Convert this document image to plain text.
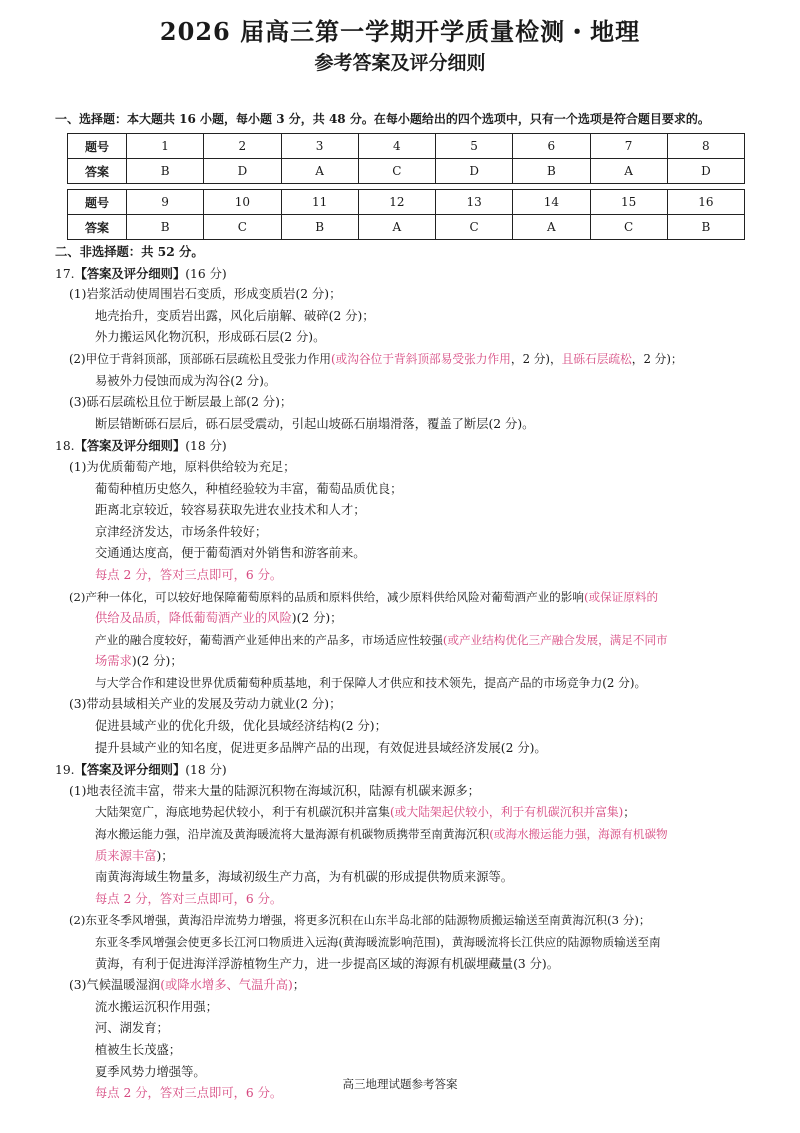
2026 届高三第一学期开学质量检测・地理
参考答案及评分细则
一、选择题：本大题共 16 小题，每小题 3 分，共 48 分。在每小题给出的四个选项中，只有一个选项是符合题目要求的。
题号	1	2	3	4	5	6	7	8
答案	B	D	A	C	D	B	A	D
题号	9	10	11	12	13	14	15	16
答案	B	C	B	A	C	A	C	B
二、非选择题：共 52 分。
17.【答案及评分细则】(16 分)
(1)岩浆活动使周围岩石变质，形成变质岩(2 分)；
地壳抬升，变质岩出露，风化后崩解、破碎(2 分)；
外力搬运风化物沉积，形成砾石层(2 分)。
(2)甲位于背斜顶部，顶部砾石层疏松且受张力作用(或沟谷位于背斜顶部易受张力作用，2 分)，且砾石层疏松，2 分)；
易被外力侵蚀而成为沟谷(2 分)。
(3)砾石层疏松且位于断层最上部(2 分)；
断层错断砾石层后，砾石层受震动，引起山坡砾石崩塌滑落，覆盖了断层(2 分)。
18.【答案及评分细则】(18 分)
(1)为优质葡萄产地，原料供给较为充足；
葡萄种植历史悠久，种植经验较为丰富，葡萄品质优良；
距离北京较近，较容易获取先进农业技术和人才；
京津经济发达，市场条件较好；
交通通达度高，便于葡萄酒对外销售和游客前来。
每点 2 分，答对三点即可，6 分。
(2)产种一体化，可以较好地保障葡萄原料的品质和原料供给，减少原料供给风险对葡萄酒产业的影响(或保证原料的
供给及品质，降低葡萄酒产业的风险)(2 分)；
产业的融合度较好，葡萄酒产业延伸出来的产品多，市场适应性较强(或产业结构优化三产融合发展，满足不同市
场需求)(2 分)；
与大学合作和建设世界优质葡萄种质基地，利于保障人才供应和技术领先，提高产品的市场竞争力(2 分)。
(3)带动县域相关产业的发展及劳动力就业(2 分)；
促进县域产业的优化升级，优化县域经济结构(2 分)；
提升县域产业的知名度，促进更多品牌产品的出现，有效促进县域经济发展(2 分)。
19.【答案及评分细则】(18 分)
(1)地表径流丰富，带来大量的陆源沉积物在海域沉积，陆源有机碳来源多；
大陆架宽广，海底地势起伏较小，利于有机碳沉积并富集(或大陆架起伏较小，利于有机碳沉积并富集)；
海水搬运能力强，沿岸流及黄海暖流将大量海源有机碳物质携带至南黄海沉积(或海水搬运能力强，海源有机碳物
质来源丰富)；
南黄海海域生物量多，海域初级生产力高，为有机碳的形成提供物质来源等。
每点 2 分，答对三点即可，6 分。
(2)东亚冬季风增强，黄海沿岸流势力增强，将更多沉积在山东半岛北部的陆源物质搬运输送至南黄海沉积(3 分)；
东亚冬季风增强会使更多长江河口物质进入远海(黄海暖流影响范围)，黄海暖流将长江供应的陆源物质输送至南
黄海，有利于促进海洋浮游植物生产力，进一步提高区域的海源有机碳埋藏量(3 分)。
(3)气候温暖湿润(或降水增多、气温升高)；
流水搬运沉积作用强；
河、湖发育；
植被生长茂盛；
夏季风势力增强等。
每点 2 分，答对三点即可，6 分。
高三地理试题参考答案
